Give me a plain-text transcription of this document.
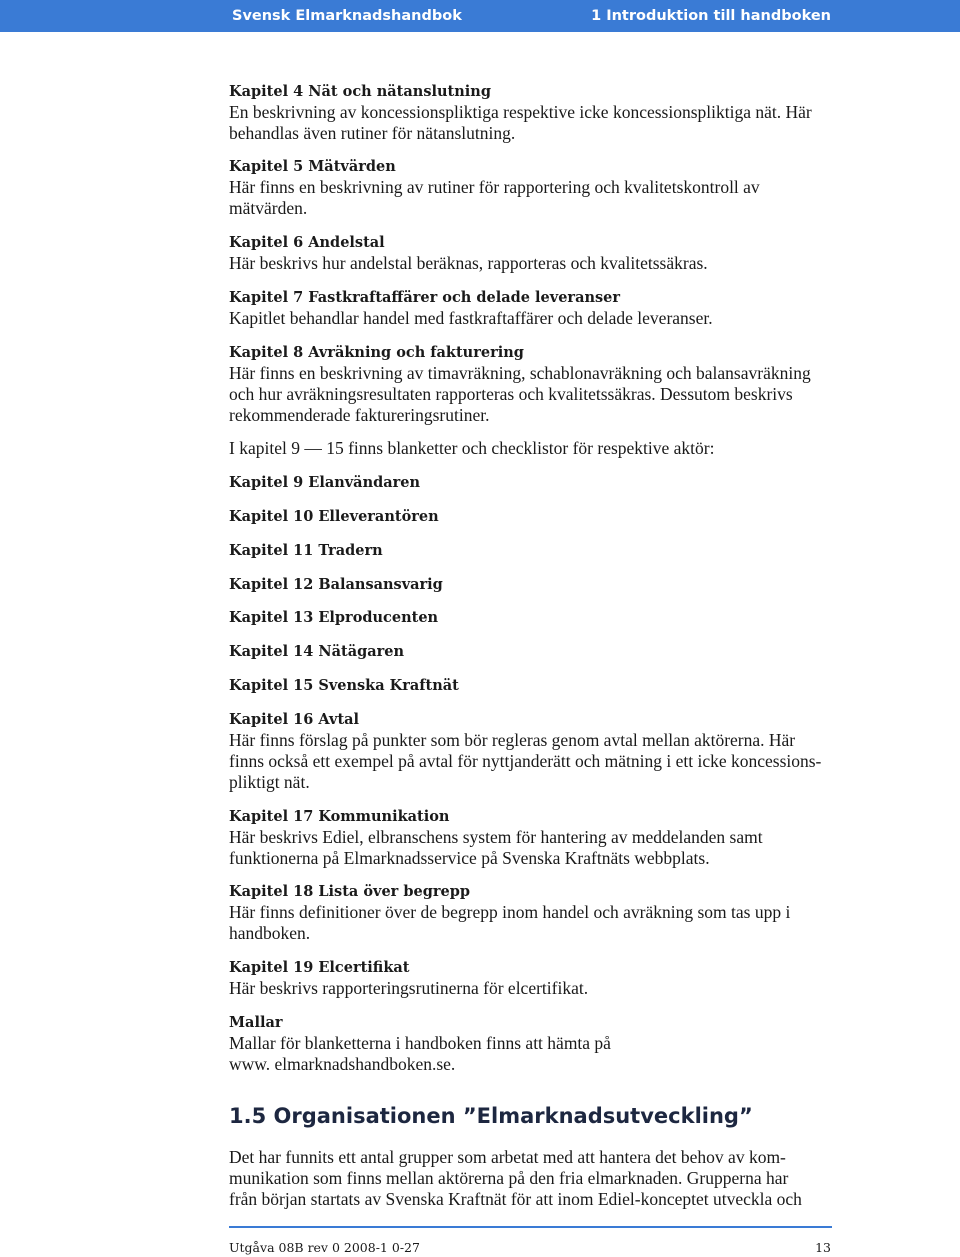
Svensk Elmarknadshandbok	1 Introduktion till handboken
Kapitel 4 Nät och nätanslutning
En beskrivning av koncessionspliktiga respektive icke koncessionspliktiga nät. Här
behandlas även rutiner för nätanslutning.
Kapitel 5 Mätvärden
Här finns en beskrivning av rutiner för rapportering och kvalitetskontroll av
mätvärden.
Kapitel 6 Andelstal
Här beskrivs hur andelstal beräknas, rapporteras och kvalitetssäkras.
Kapitel 7 Fastkraftaffärer och delade leveranser
Kapitlet behandlar handel med fastkraftaffärer och delade leveranser.
Kapitel 8 Avräkning och fakturering
Här finns en beskrivning av timavräkning, schablonavräkning och balansavräkning
och hur avräkningsresultaten rapporteras och kvalitetssäkras. Dessutom beskrivs
rekommenderade faktureringsrutiner.
I kapitel 9 — 15 finns blanketter och checklistor för respektive aktör:
Kapitel 9 Elanvändaren
Kapitel 10 Elleverantören
Kapitel 11 Tradern
Kapitel 12 Balansansvarig
Kapitel 13 Elproducenten
Kapitel 14 Nätägaren
Kapitel 15 Svenska Kraftnät
Kapitel 16 Avtal
Här finns förslag på punkter som bör regleras genom avtal mellan aktörerna. Här
finns också ett exempel på avtal för nyttjanderätt och mätning i ett icke koncessions-
pliktigt nät.
Kapitel 17 Kommunikation
Här beskrivs Ediel, elbranschens system för hantering av meddelanden samt
funktionerna på Elmarknadsservice på Svenska Kraftnäts webbplats.
Kapitel 18 Lista över begrepp
Här finns definitioner över de begrepp inom handel och avräkning som tas upp i
handboken.
Kapitel 19 Elcertifikat
Här beskrivs rapporteringsrutinerna för elcertifikat.
Mallar
Mallar för blanketterna i handboken finns att hämta på
www. elmarknadshandboken.se.
1.5 Organisationen ”Elmarknadsutveckling”
Det har funnits ett antal grupper som arbetat med att hantera det behov av kom-
munikation som finns mellan aktörerna på den fria elmarknaden. Grupperna har
från början startats av Svenska Kraftnät för att inom Ediel-konceptet utveckla och
Utgåva 08B rev 0 2008-1 0-27	13
